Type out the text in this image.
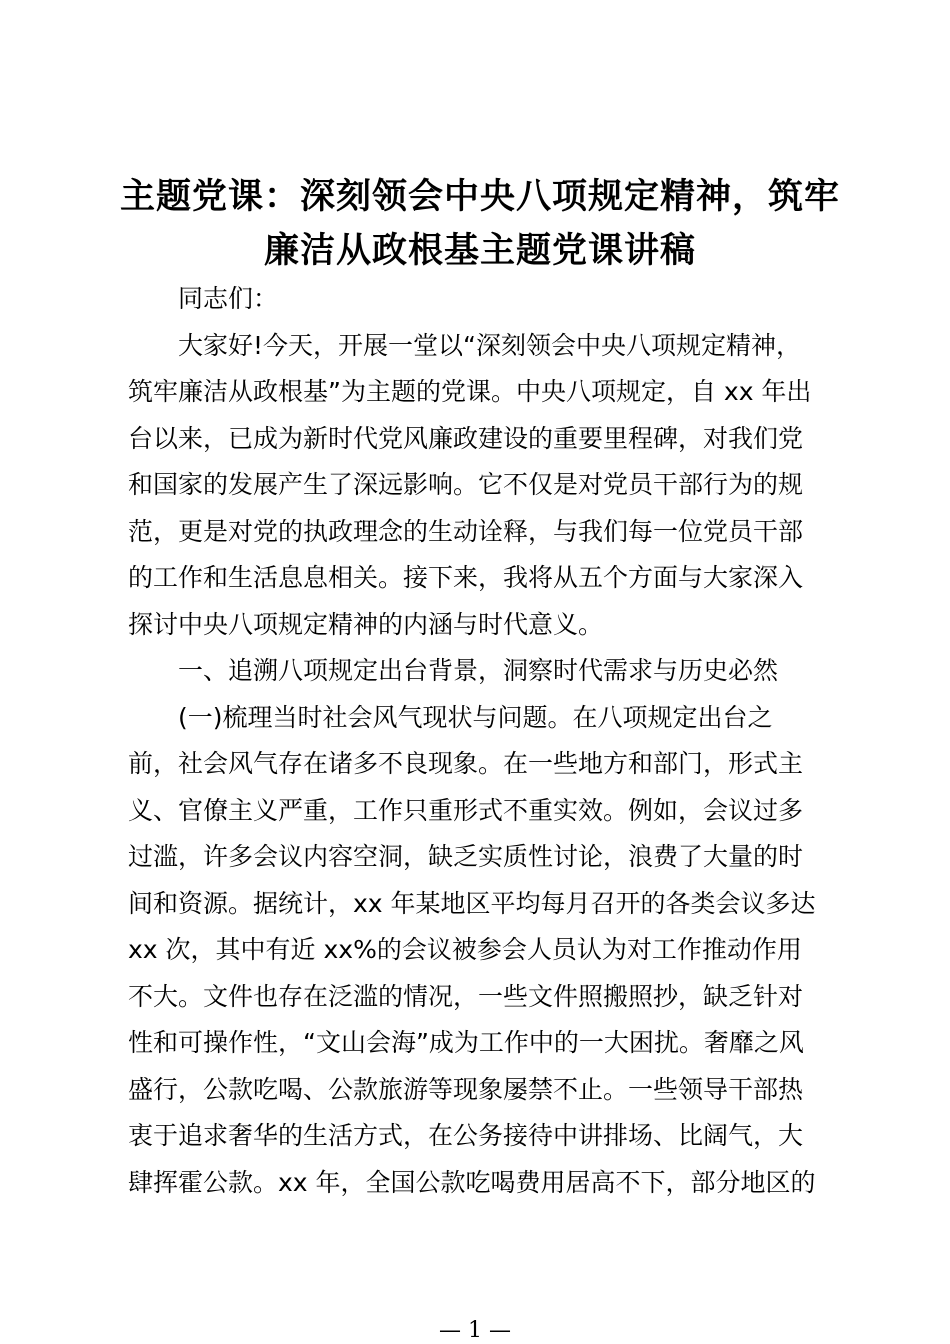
主题党课：深刻领会中央八项规定精神，筑牢
廉洁从政根基主题党课讲稿
同志们：
大家好!今天，开展一堂以“深刻领会中央八项规定精神，
筑牢廉洁从政根基”为主题的党课。中央八项规定，自 xx 年出
台以来，已成为新时代党风廉政建设的重要里程碑，对我们党
和国家的发展产生了深远影响。它不仅是对党员干部行为的规
范，更是对党的执政理念的生动诠释，与我们每一位党员干部
的工作和生活息息相关。接下来，我将从五个方面与大家深入
探讨中央八项规定精神的内涵与时代意义。
一、追溯八项规定出台背景，洞察时代需求与历史必然
(一)梳理当时社会风气现状与问题。在八项规定出台之
前，社会风气存在诸多不良现象。在一些地方和部门，形式主
义、官僚主义严重，工作只重形式不重实效。例如，会议过多
过滥，许多会议内容空洞，缺乏实质性讨论，浪费了大量的时
间和资源。据统计，xx 年某地区平均每月召开的各类会议多达
xx 次，其中有近 xx%的会议被参会人员认为对工作推动作用
不大。文件也存在泛滥的情况，一些文件照搬照抄，缺乏针对
性和可操作性，“文山会海”成为工作中的一大困扰。奢靡之风
盛行，公款吃喝、公款旅游等现象屡禁不止。一些领导干部热
衷于追求奢华的生活方式，在公务接待中讲排场、比阔气，大
肆挥霍公款。xx 年，全国公款吃喝费用居高不下，部分地区的
— 1 —
